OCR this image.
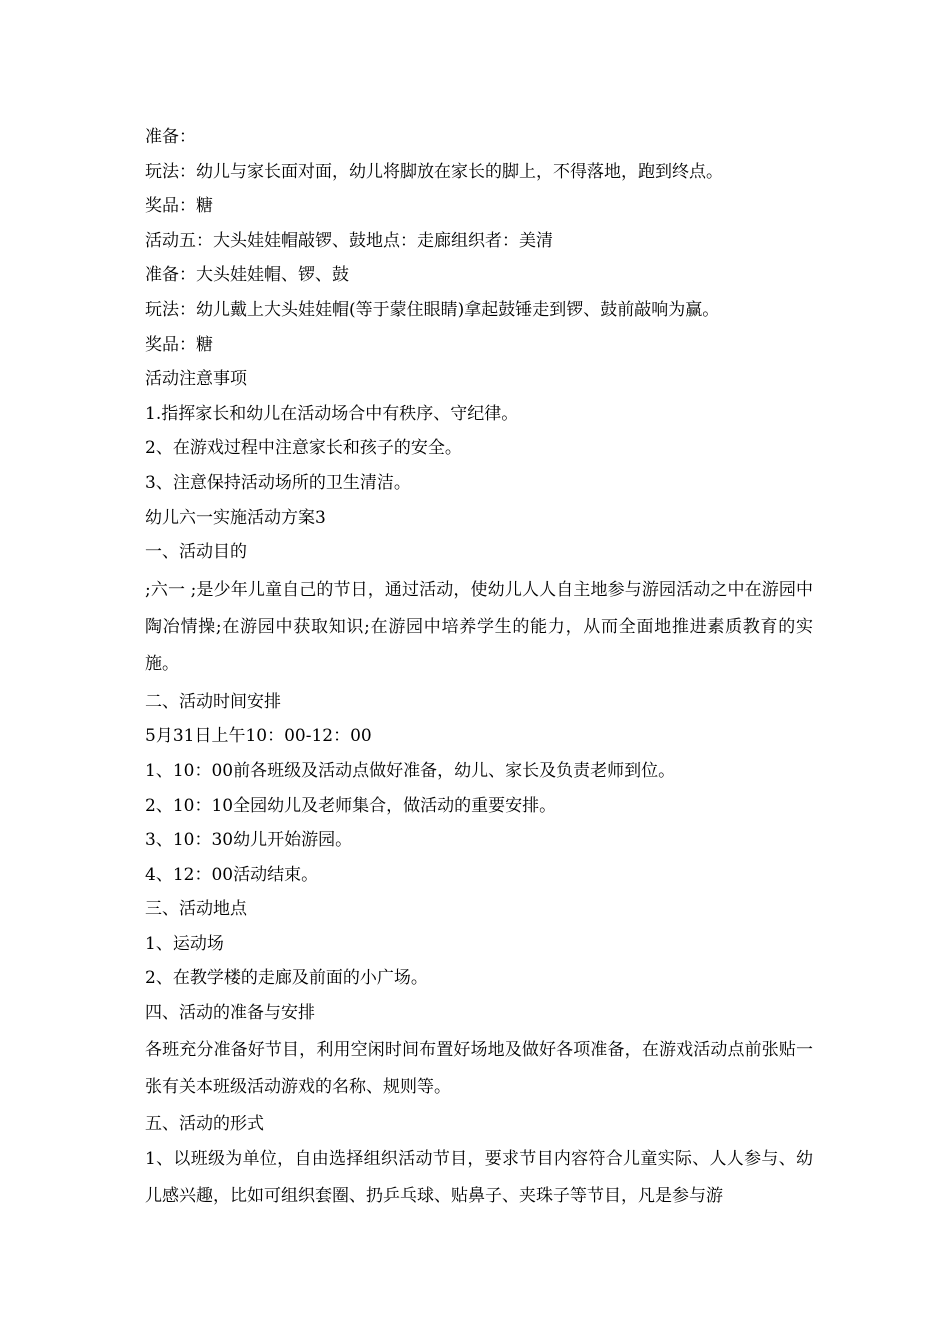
准备：
玩法：幼儿与家长面对面，幼儿将脚放在家长的脚上，不得落地，跑到终点。
奖品：糖
活动五：大头娃娃帽敲锣、鼓地点：走廊组织者：美清
准备：大头娃娃帽、锣、鼓
玩法：幼儿戴上大头娃娃帽(等于蒙住眼睛)拿起鼓锤走到锣、鼓前敲响为赢。
奖品：糖
活动注意事项
1.指挥家长和幼儿在活动场合中有秩序、守纪律。
2、在游戏过程中注意家长和孩子的安全。
3、注意保持活动场所的卫生清洁。
幼儿六一实施活动方案3
一、活动目的

;六一 ;是少年儿童自己的节日，通过活动，使幼儿人人自主地参与游园活动之中在游园中陶冶情操;在游园中获取知识;在游园中培养学生的能力，从而全面地推进素质教育的实施。

二、活动时间安排
5月31日上午10：00-12：00
1、10：00前各班级及活动点做好准备，幼儿、家长及负责老师到位。
2、10：10全园幼儿及老师集合，做活动的重要安排。
3、10：30幼儿开始游园。
4、12：00活动结束。
三、活动地点
1、运动场
2、在教学楼的走廊及前面的小广场。
四、活动的准备与安排

各班充分准备好节目，利用空闲时间布置好场地及做好各项准备，在游戏活动点前张贴一张有关本班级活动游戏的名称、规则等。

五、活动的形式

1、以班级为单位，自由选择组织活动节目，要求节目内容符合儿童实际、人人参与、幼儿感兴趣，比如可组织套圈、扔乒乓球、贴鼻子、夹珠子等节目，凡是参与游
